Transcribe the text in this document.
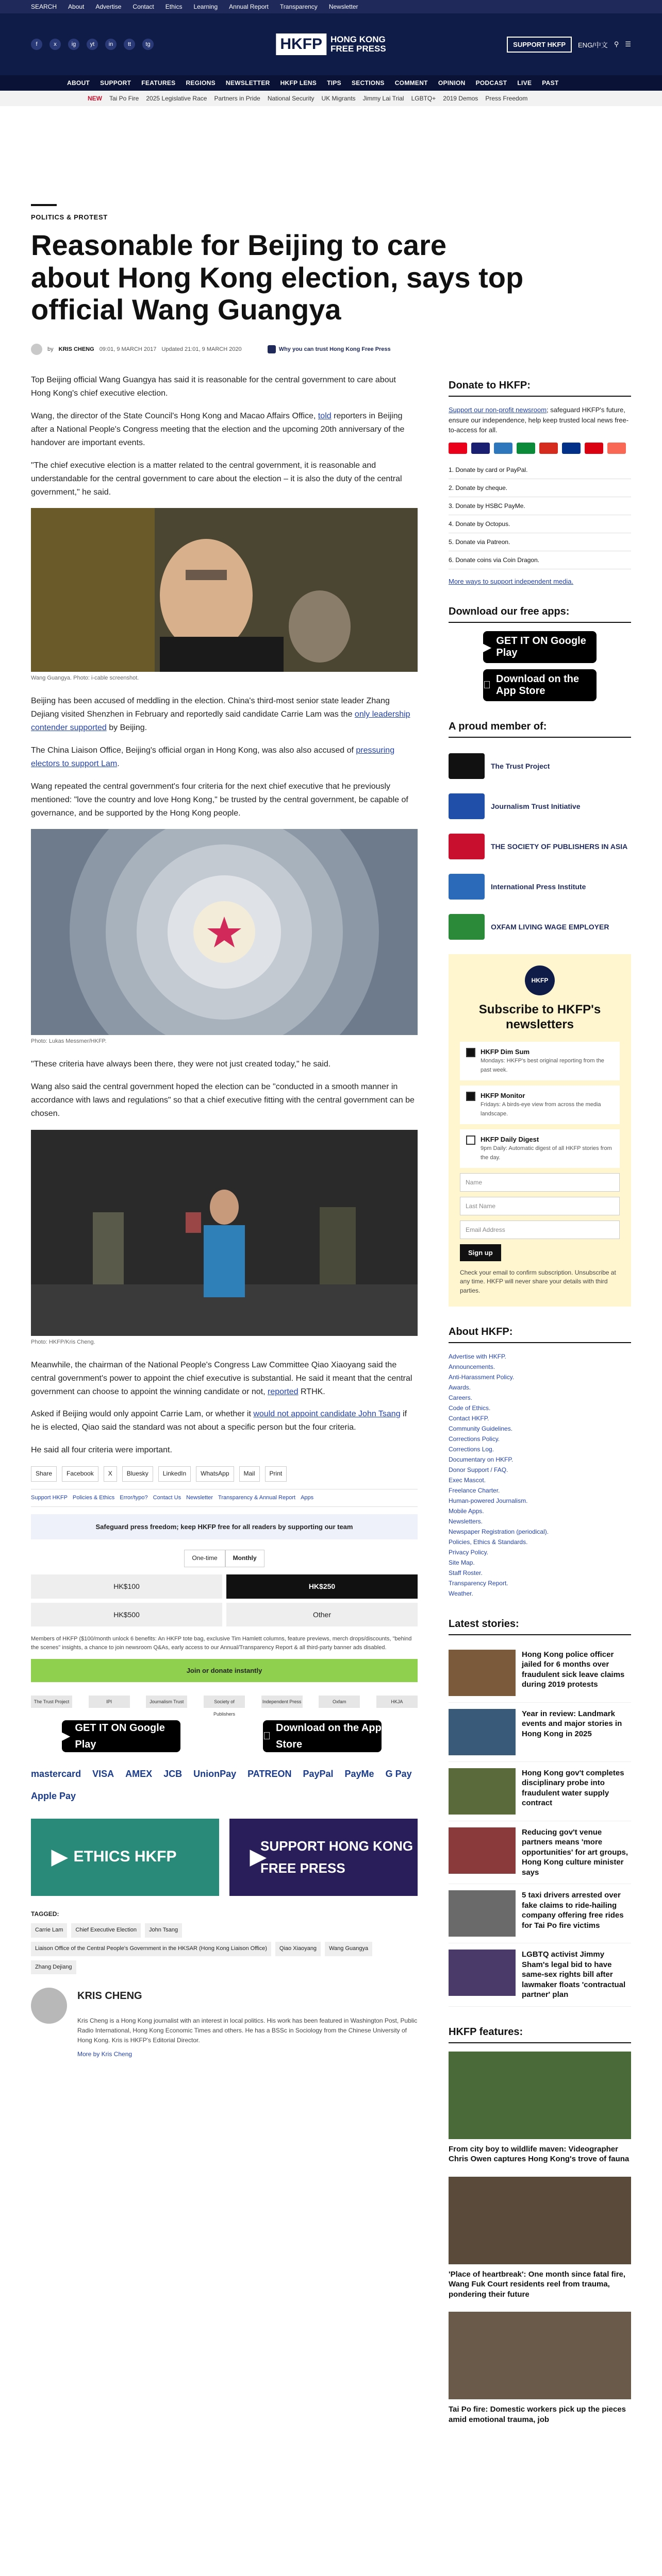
SEARCH About Advertise Contact Ethics Learning Annual Report Transparency Newsletter
f	x	ig	yt	in	tt	tg	HKFP HONG KONG
FREE PRESS	SUPPORT HKFP	ENG/中文 ⚲ ☰
ABOUT SUPPORT FEATURES REGIONS NEWSLETTER HKFP LENS TIPS SECTIONS COMMENT OPINION PODCAST LIVE PAST
NEW Tai Po Fire 2025 Legislative Race Partners in Pride National Security UK Migrants Jimmy Lai Trial LGBTQ+ 2019 Demos Press Freedom
POLITICS & PROTEST
Reasonable for Beijing to care about Hong Kong election, says top official Wang Guangya
by KRIS CHENG 09:01, 9 MARCH 2017 Updated 21:01, 9 MARCH 2020	Why you can trust Hong Kong Free Press

Top Beijing official Wang Guangya has said it is reasonable for the central government to care about Hong Kong's chief executive election.

Wang, the director of the State Council's Hong Kong and Macao Affairs Office, told reporters in Beijing after a National People's Congress meeting that the election and the upcoming 20th anniversary of the handover are important events.

"The chief executive election is a matter related to the central government, it is reasonable and understandable for the central government to care about the election – it is also the duty of the central government," he said.

Wang Guangya. Photo: i-cable screenshot.

Beijing has been accused of meddling in the election. China's third-most senior state leader Zhang Dejiang visited Shenzhen in February and reportedly said candidate Carrie Lam was the only leadership contender supported by Beijing.

The China Liaison Office, Beijing's official organ in Hong Kong, was also also accused of pressuring electors to support Lam.

Wang repeated the central government's four criteria for the next chief executive that he previously mentioned: "love the country and love Hong Kong," be trusted by the central government, be capable of governance, and be supported by the Hong Kong people.

Photo: Lukas Messmer/HKFP.

"These criteria have always been there, they were not just created today," he said.

Wang also said the central government hoped the election can be "conducted in a smooth manner in accordance with laws and regulations" so that a chief executive fitting with the central government can be chosen.

Photo: HKFP/Kris Cheng.

Meanwhile, the chairman of the National People's Congress Law Committee Qiao Xiaoyang said the central government's power to appoint the chief executive is substantial. He said it meant that the central government can choose to appoint the winning candidate or not, reported RTHK.

Asked if Beijing would only appoint Carrie Lam, or whether it would not appoint candidate John Tsang if he is elected, Qiao said the standard was not about a specific person but the four criteria.

He said all four criteria were important.

Share	Facebook	X	Bluesky	LinkedIn	WhatsApp	Mail	Print
Support HKFP Policies & Ethics Error/typo? Contact Us Newsletter Transparency & Annual Report Apps
Safeguard press freedom; keep HKFP free for all readers by supporting our team
One-time	Monthly
HK$100	HK$250
HK$500	Other
Members of HKFP ($100/month unlock 6 benefits: An HKFP tote bag, exclusive Tim Hamlett columns, feature previews, merch drops/discounts, "behind the scenes" insights, a chance to join newsroom Q&As, early access to our Annual/Transparency Report & all third-party banner ads disabled.
Join or donate instantly
The Trust Project	IPI	Journalism Trust	Society of Publishers
Independent Press	Oxfam	HKJA
▶
GET IT ON Google Play
Download on the App Store
mastercard VISA AMEX JCB UnionPay PATREON PayPal PayMe G Pay
Apple Pay
▶ ETHICS HKFP	▶
SUPPORT HONG KONG FREE PRESS
TAGGED:
Carrie Lam	Chief Executive Election	John Tsang
Liaison Office of the Central People's Government in the HKSAR (Hong Kong Liaison Office)	Qiao Xiaoyang	Wang Guangya
Zhang Dejiang
KRIS CHENG
Kris Cheng is a Hong Kong journalist with an interest in local politics. His work has been featured in Washington Post, Public Radio International, Hong Kong Economic Times and others. He has a BSSc in Sociology from the Chinese University of Hong Kong. Kris is HKFP's Editorial Director.
More by Kris Cheng
Donate to HKFP:
Support our non-profit newsroom; safeguard HKFP's future, ensure our independence, help keep trusted local news free-to-access for all.
1. Donate by card or PayPal.
2. Donate by cheque.
3. Donate by HSBC PayMe.
4. Donate by Octopus.
5. Donate via Patreon.
6. Donate coins via Coin Dragon.
More ways to support independent media.
Download our free apps:
▶
GET IT ON Google Play
Download on the App Store
A proud member of:
The Trust Project
Journalism Trust Initiative
THE SOCIETY OF PUBLISHERS IN ASIA
International Press Institute
OXFAM LIVING WAGE EMPLOYER
HKFP
Subscribe to HKFP's newsletters
HKFP Dim Sum
Mondays: HKFP's best original reporting from the past week.
HKFP Monitor
Fridays: A birds-eye view from across the media landscape.
HKFP Daily Digest
9pm Daily: Automatic digest of all HKFP stories from the day.
Name
Last Name
Email Address
Sign up
Check your email to confirm subscription. Unsubscribe at any time. HKFP will never share your details with third parties.
About HKFP:
Advertise with HKFP.
Announcements.
Anti-Harassment Policy.
Awards.
Careers.
Code of Ethics.
Contact HKFP.
Community Guidelines.
Corrections Policy.
Corrections Log.
Documentary on HKFP.
Donor Support / FAQ.
Exec Mascot.
Freelance Charter.
Human-powered Journalism.
Mobile Apps.
Newsletters.
Newspaper Registration (periodical).
Policies, Ethics & Standards.
Privacy Policy.
Site Map.
Staff Roster.
Transparency Report.
Weather.
Latest stories:
Hong Kong police officer jailed for 6 months over fraudulent sick leave claims during 2019 protests
Year in review: Landmark events and major stories in Hong Kong in 2025
Hong Kong gov't completes disciplinary probe into fraudulent water supply contract
Reducing gov't venue partners means 'more opportunities' for art groups, Hong Kong culture minister says
5 taxi drivers arrested over fake claims to ride-hailing company offering free rides for Tai Po fire victims
LGBTQ activist Jimmy Sham's legal bid to have same-sex rights bill after lawmaker floats 'contractual partner' plan
HKFP features:
From city boy to wildlife maven: Videographer Chris Owen captures Hong Kong's trove of fauna
'Place of heartbreak': One month since fatal fire, Wang Fuk Court residents reel from trauma, pondering their future
Tai Po fire: Domestic workers pick up the pieces amid emotional trauma, job
